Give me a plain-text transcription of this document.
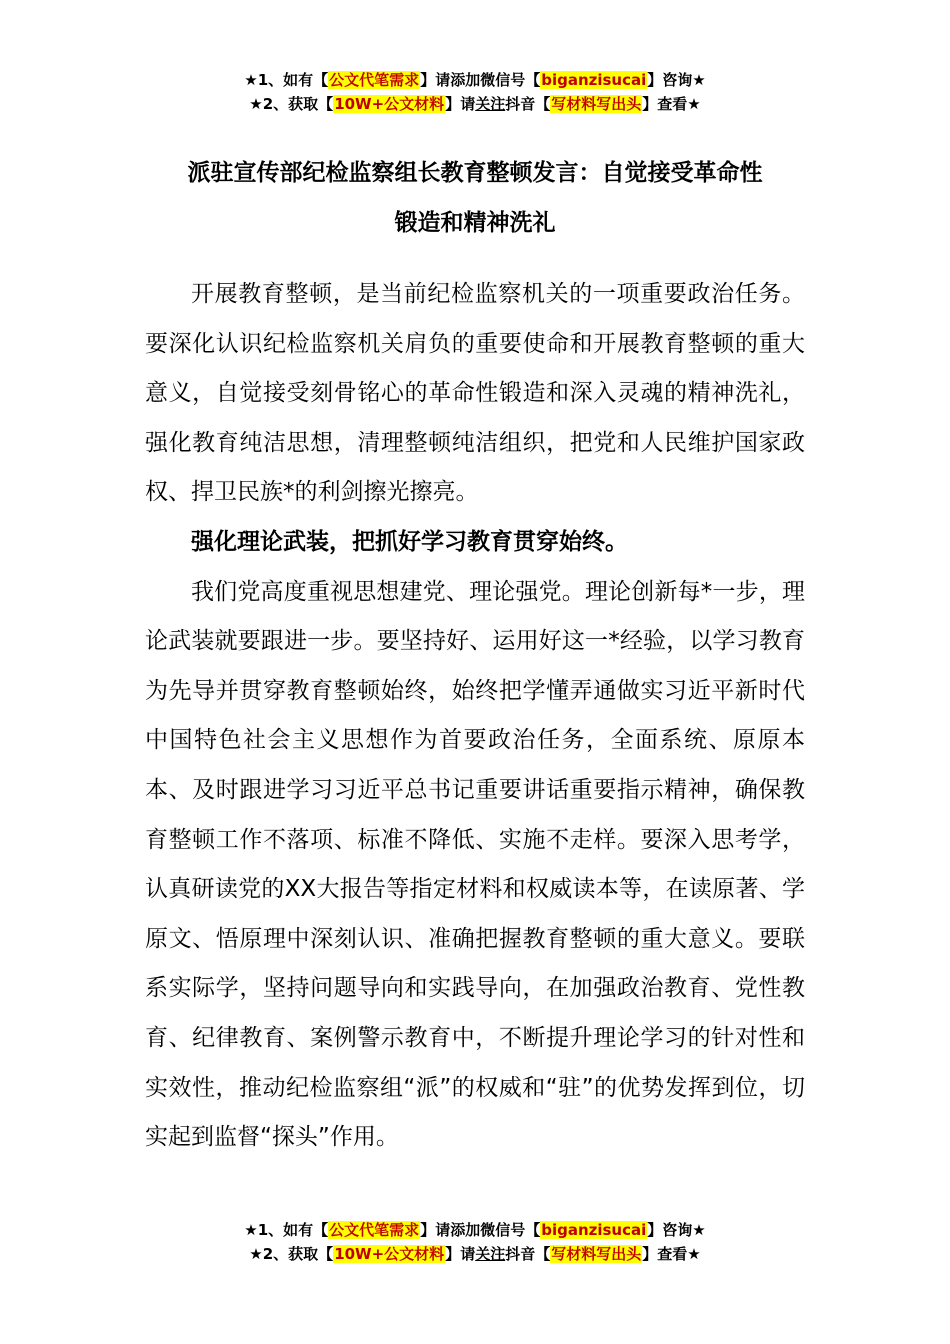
★1、如有【公文代笔需求】请添加微信号【biganzisucai】咨询★
★2、获取【10W+公文材料】请关注抖音【写材料写出头】查看★
派驻宣传部纪检监察组长教育整顿发言：自觉接受革命性
锻造和精神洗礼

开展教育整顿，是当前纪检监察机关的一项重要政治任务。要深化认识纪检监察机关肩负的重要使命和开展教育整顿的重大意义，自觉接受刻骨铭心的革命性锻造和深入灵魂的精神洗礼，强化教育纯洁思想，清理整顿纯洁组织，把党和人民维护国家政权、捍卫民族*的利剑擦光擦亮。

强化理论武装，把抓好学习教育贯穿始终。

我们党高度重视思想建党、理论强党。理论创新每*一步，理论武装就要跟进一步。要坚持好、运用好这一*经验，以学习教育为先导并贯穿教育整顿始终，始终把学懂弄通做实习近平新时代中国特色社会主义思想作为首要政治任务，全面系统、原原本本、及时跟进学习习近平总书记重要讲话重要指示精神，确保教育整顿工作不落项、标准不降低、实施不走样。要深入思考学，认真研读党的XX大报告等指定材料和权威读本等，在读原著、学原文、悟原理中深刻认识、准确把握教育整顿的重大意义。要联系实际学，坚持问题导向和实践导向，在加强政治教育、党性教育、纪律教育、案例警示教育中，不断提升理论学习的针对性和实效性，推动纪检监察组“派”的权威和“驻”的优势发挥到位，切实起到监督“探头”作用。

★1、如有【公文代笔需求】请添加微信号【biganzisucai】咨询★
★2、获取【10W+公文材料】请关注抖音【写材料写出头】查看★
